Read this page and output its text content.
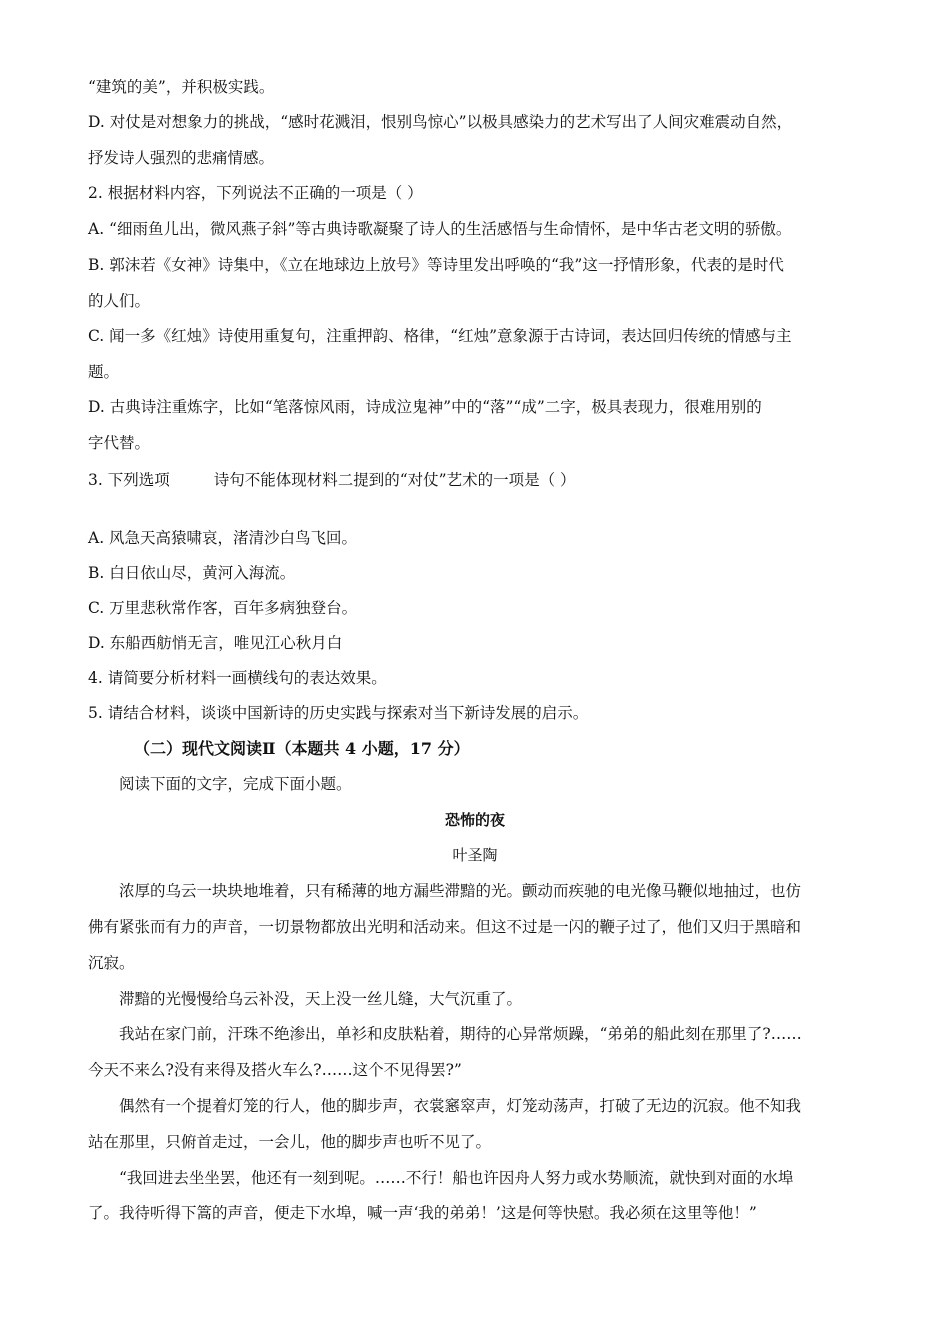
“建筑的美”，并积极实践。
D. 对仗是对想象力的挑战，“感时花溅泪，恨别鸟惊心”以极具感染力的艺术写出了人间灾难震动自然，
抒发诗人强烈的悲痛情感。
2. 根据材料内容，下列说法不正确的一项是（ ）
A. “细雨鱼儿出，微风燕子斜”等古典诗歌凝聚了诗人的生活感悟与生命情怀，是中华古老文明的骄傲。
B. 郭沫若《女神》诗集中，《立在地球边上放号》等诗里发出呼唤的“我”这一抒情形象，代表的是时代
的人们。
C. 闻一多《红烛》诗使用重复句，注重押韵、格律，“红烛”意象源于古诗词，表达回归传统的情感与主
题。
D. 古典诗注重炼字，比如“笔落惊风雨，诗成泣鬼神”中的“落”“成”二字，极具表现力，很难用别的
字代替。
3. 下列选项	诗句不能体现材料二提到的“对仗”艺术的一项是（ ）
A. 风急天高猿啸哀，渚清沙白鸟飞回。
B. 白日依山尽，黄河入海流。
C. 万里悲秋常作客，百年多病独登台。
D. 东船西舫悄无言，唯见江心秋月白
4. 请简要分析材料一画横线句的表达效果。
5. 请结合材料，谈谈中国新诗的历史实践与探索对当下新诗发展的启示。
（二）现代文阅读Ⅱ（本题共 4 小题，17 分）
阅读下面的文字，完成下面小题。
恐怖的夜
叶圣陶
浓厚的乌云一块块地堆着，只有稀薄的地方漏些滞黯的光。颤动而疾驰的电光像马鞭似地抽过，也仿
佛有紧张而有力的声音，一切景物都放出光明和活动来。但这不过是一闪的鞭子过了，他们又归于黑暗和
沉寂。
滞黯的光慢慢给乌云补没，天上没一丝儿缝，大气沉重了。
我站在家门前，汗珠不绝渗出，单衫和皮肤粘着，期待的心异常烦躁，“弟弟的船此刻在那里了?……
今天不来么?没有来得及搭火车么?……这个不见得罢?”
偶然有一个提着灯笼的行人，他的脚步声，衣裳窸窣声，灯笼动荡声，打破了无边的沉寂。他不知我
站在那里，只俯首走过，一会儿，他的脚步声也听不见了。
“我回进去坐坐罢，他还有一刻到呢。……不行！船也许因舟人努力或水势顺流，就快到对面的水埠
了。我待听得下篙的声音，便走下水埠，喊一声‘我的弟弟！’这是何等快慰。我必须在这里等他！”
